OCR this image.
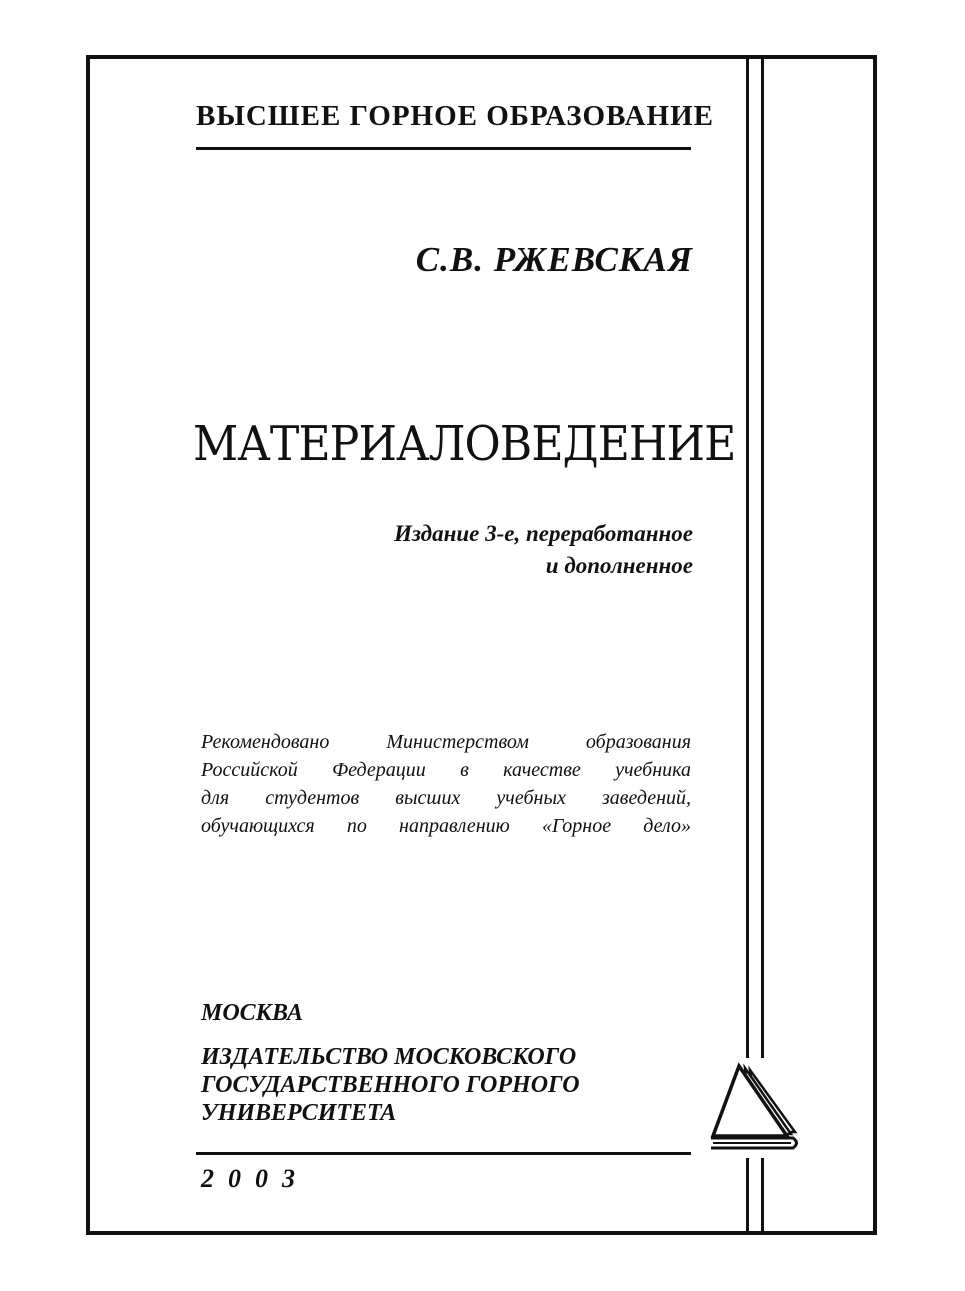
ВЫСШЕЕ ГОРНОЕ ОБРАЗОВАНИЕ
С.В. РЖЕВСКАЯ
МАТЕРИАЛОВЕДЕНИЕ
Издание 3-е, переработанное
и дополненное
Рекомендовано Министерством образования
Российской Федерации в качестве учебника
для студентов высших учебных заведений,
обучающихся по направлению «Горное дело»
МОСКВА
ИЗДАТЕЛЬСТВО МОСКОВСКОГО
ГОСУДАРСТВЕННОГО ГОРНОГО
УНИВЕРСИТЕТА
2003
